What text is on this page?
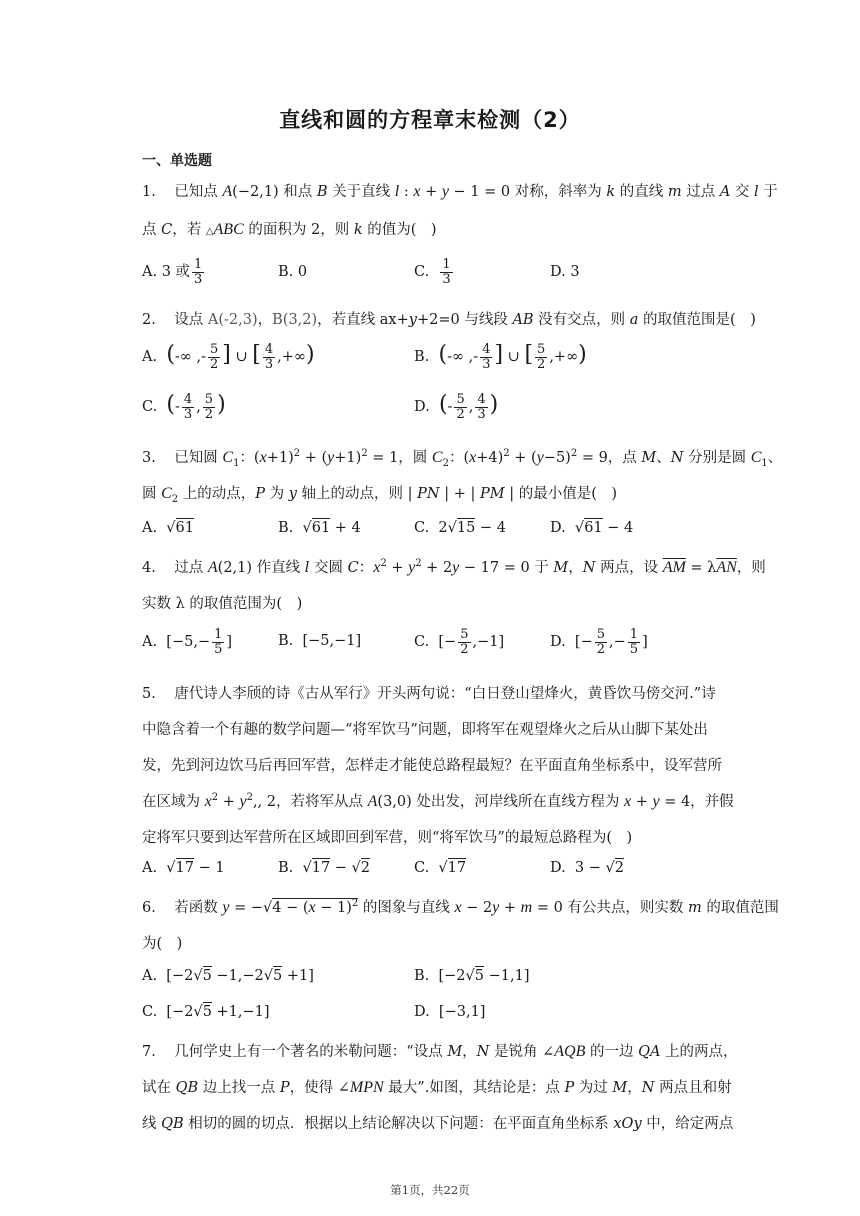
直线和圆的方程章末检测（2）
一、单选题
1.    已知点 A(−2,1) 和点 B 关于直线 l : x + y − 1 = 0 对称，斜率为 k 的直线 m 过点 A 交 l 于
点 C，若 △ABC 的面积为 2，则 k 的值为(　)
A. 3 或 $\frac{1}{3}$	B. 0	C. $\frac{1}{3}$	D. 3
2.    设点 A(-2,3)，B(3,2)，若直线 ax+y+2=0 与线段 AB 没有交点，则 a 的取值范围是(　)
A.  (-∞ ,- $\frac{5}{2}$ ] ∪ [ $\frac{4}{3}$ ,+∞)	B.  (-∞ ,- $\frac{4}{3}$ ] ∪ [ $\frac{5}{2}$ ,+∞)
C.  (- $\frac{4}{3}$ , $\frac{5}{2}$ )	D.  (- $\frac{5}{2}$ , $\frac{4}{3}$ )
3.    已知圆 $C_1$：$(x+1)^2 + (y+1)^2 = 1$，圆 $C_2$：$(x+4)^2 + (y-5)^2 = 9$，点 M、N 分别是圆 $C_1$、
圆 $C_2$ 上的动点，P 为 y 轴上的动点，则 | PN | + | PM | 的最小值是(　)
A.  √61	B.  √61 + 4	C.  2√15 − 4	D.  √61 − 4
4.    过点 A(2,1) 作直线 l 交圆 C：$x^2 + y^2 + 2y - 17 = 0$ 于 M，N 两点，设 $\overline{AM} = \lambda\overline{AN}$，则
实数 λ 的取值范围为(　)
A.  [$-5,- \frac{1}{5}$ ]	B.  [−5,−1]	C.  [− $\frac{5}{2} ,-1$]	D.  [− $\frac{5}{2}$ ,− $\frac{1}{5}$ ]
5. 唐代诗人李颀的诗《古从军行》开头两句说：“白日登山望烽火，黄昏饮马傍交河.”诗
中隐含着一个有趣的数学问题—“将军饮马”问题，即将军在观望烽火之后从山脚下某处出
发，先到河边饮马后再回军营，怎样走才能使总路程最短？在平面直角坐标系中，设军营所
在区域为 $x^2 + y^2$,, 2，若将军从点 A(3,0) 处出发，河岸线所在直线方程为 x + y = 4，并假
定将军只要到达军营所在区域即回到军营，则“将军饮马”的最短总路程为(　)
A.  √17 − 1	B.  √17 − √2	C.  √17	D.  3 − √2
6.    若函数 $y = -√4 - (x - 1)^2$ 的图象与直线 x − 2y + m = 0 有公共点，则实数 m 的取值范围
为(　)
A.  [−2√5 −1,−2√5 +1]	B.  [−2√5 −1,1]
C.  [−2√5 +1,−1]	D.  [−3,1]
7.    几何学史上有一个著名的米勒问题：“设点 M，N 是锐角 ∠AQB 的一边 QA 上的两点，
试在 QB 边上找一点 P，使得 ∠MPN 最大”.如图，其结论是：点 P 为过 M，N 两点且和射
线 QB 相切的圆的切点．根据以上结论解决以下问题：在平面直角坐标系 xOy 中，给定两点
第1页，共22页
